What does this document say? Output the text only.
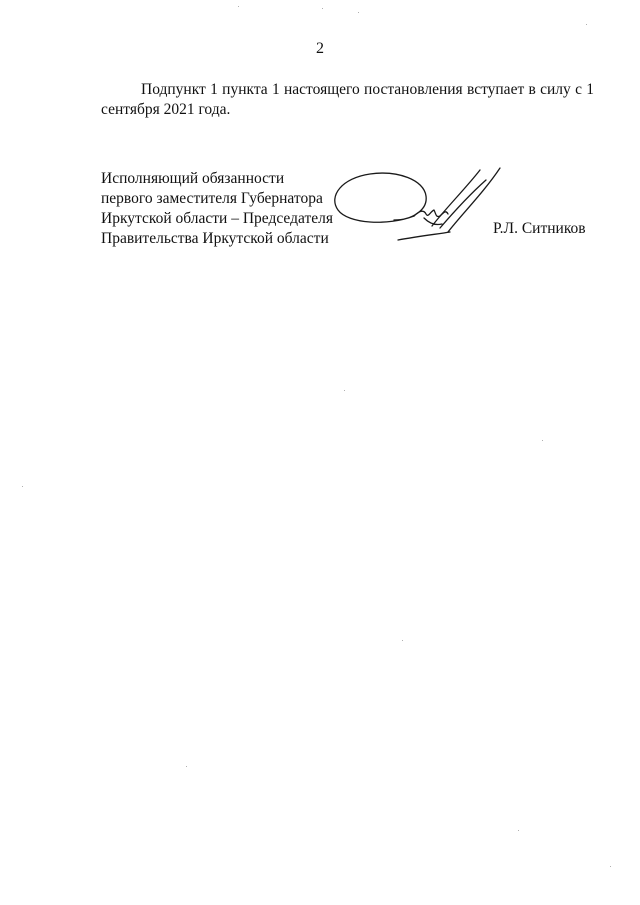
2

Подпункт 1 пункта 1 настоящего постановления вступает в силу с 1 сентября 2021 года.

Исполняющий обязанности
первого заместителя Губернатора
Иркутской области – Председателя
Правительства Иркутской области
Р.Л. Ситников
